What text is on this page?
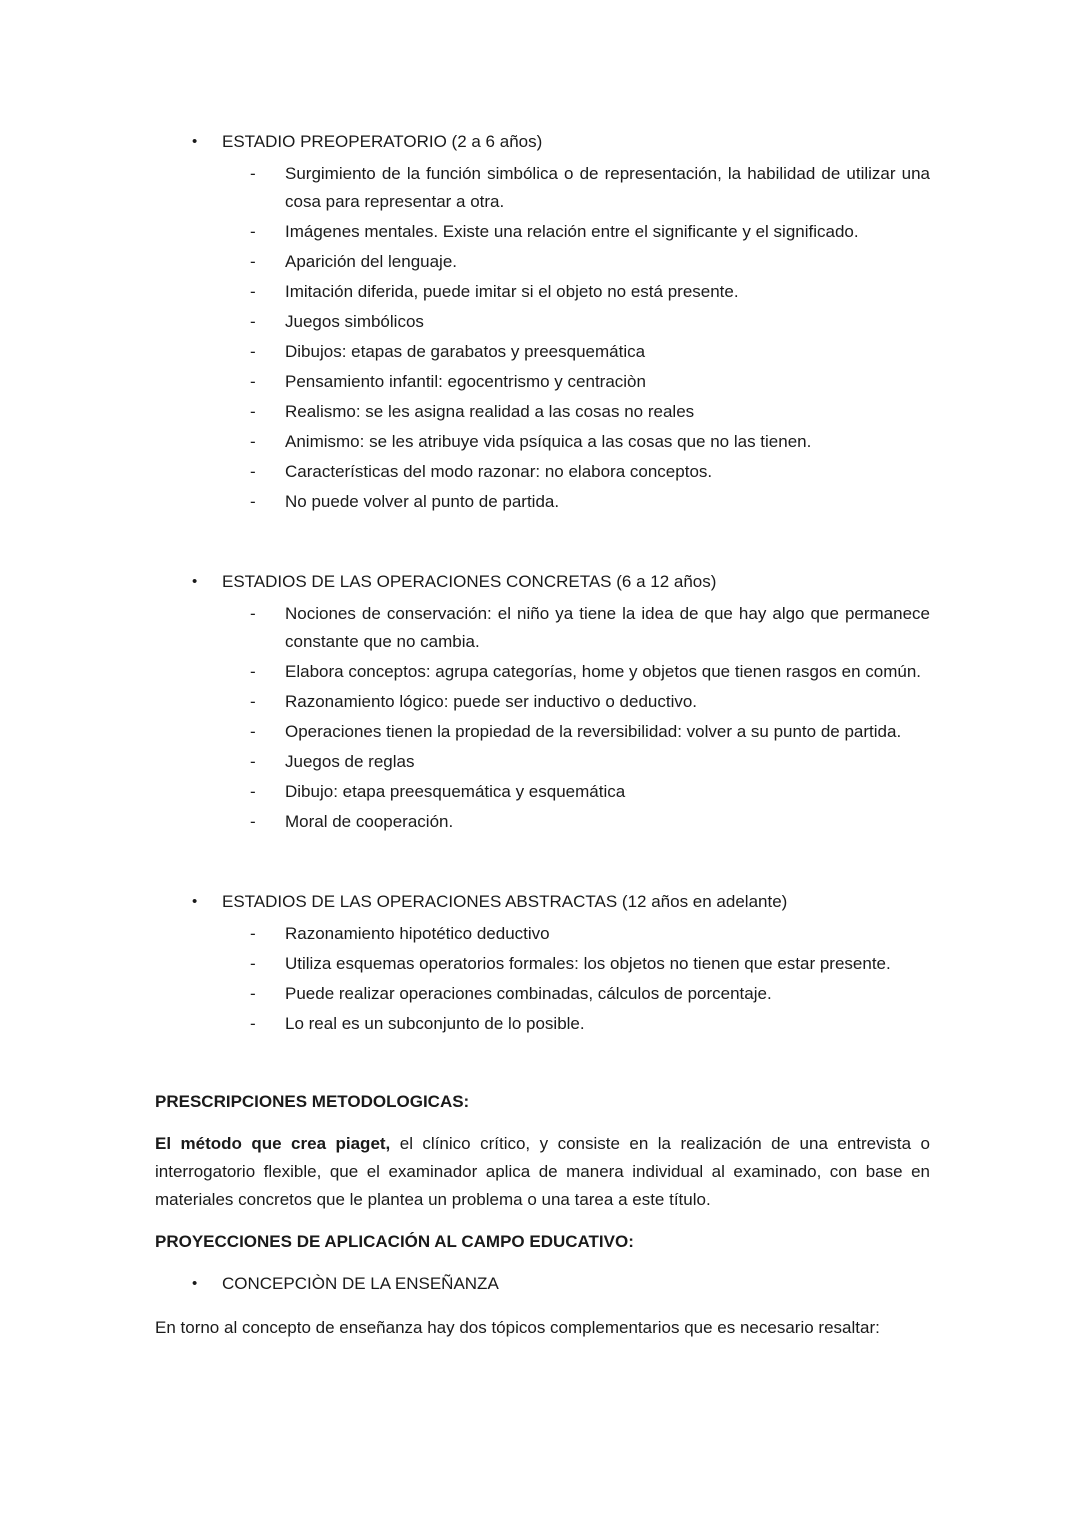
•	ESTADIO PREOPERATORIO (2 a 6 años)
-	Surgimiento de la función simbólica o de representación, la habilidad de utilizar una cosa para representar a otra.
-	Imágenes mentales. Existe una relación entre el significante y el significado.
-	Aparición del lenguaje.
-	Imitación diferida, puede imitar si el objeto no está presente.
-	Juegos simbólicos
-	Dibujos: etapas de garabatos y preesquemática
-	Pensamiento infantil: egocentrismo y centraciòn
-	Realismo: se les asigna realidad a las cosas no reales
-	Animismo: se les atribuye vida psíquica a las cosas que no las tienen.
-	Características del modo razonar: no elabora conceptos.
-	No puede volver al punto de partida.
•	ESTADIOS DE LAS OPERACIONES CONCRETAS (6 a 12 años)
-	Nociones de conservación: el niño ya tiene la idea de que hay algo que permanece constante que no cambia.
-	Elabora conceptos: agrupa categorías, home y objetos que tienen rasgos en común.
-	Razonamiento lógico: puede ser inductivo o deductivo.
-	Operaciones tienen la propiedad de la reversibilidad: volver a su punto de partida.
-	Juegos de reglas
-	Dibujo: etapa preesquemática y esquemática
-	Moral de cooperación.
•	ESTADIOS DE LAS OPERACIONES ABSTRACTAS (12 años en adelante)
-	Razonamiento hipotético deductivo
-	Utiliza esquemas operatorios formales: los objetos no tienen que estar presente.
-	Puede realizar operaciones combinadas, cálculos de porcentaje.
-	Lo real es un subconjunto de lo posible.
PRESCRIPCIONES METODOLOGICAS:

El método que crea piaget, el clínico crítico, y consiste en la realización de una entrevista o interrogatorio flexible, que el examinador aplica de manera individual al examinado, con base en materiales concretos que le plantea un problema o una tarea a este título.

PROYECCIONES DE APLICACIÓN AL CAMPO EDUCATIVO:
•	CONCEPCIÒN DE LA ENSEÑANZA

En torno al concepto de enseñanza hay dos tópicos complementarios que es necesario resaltar:
